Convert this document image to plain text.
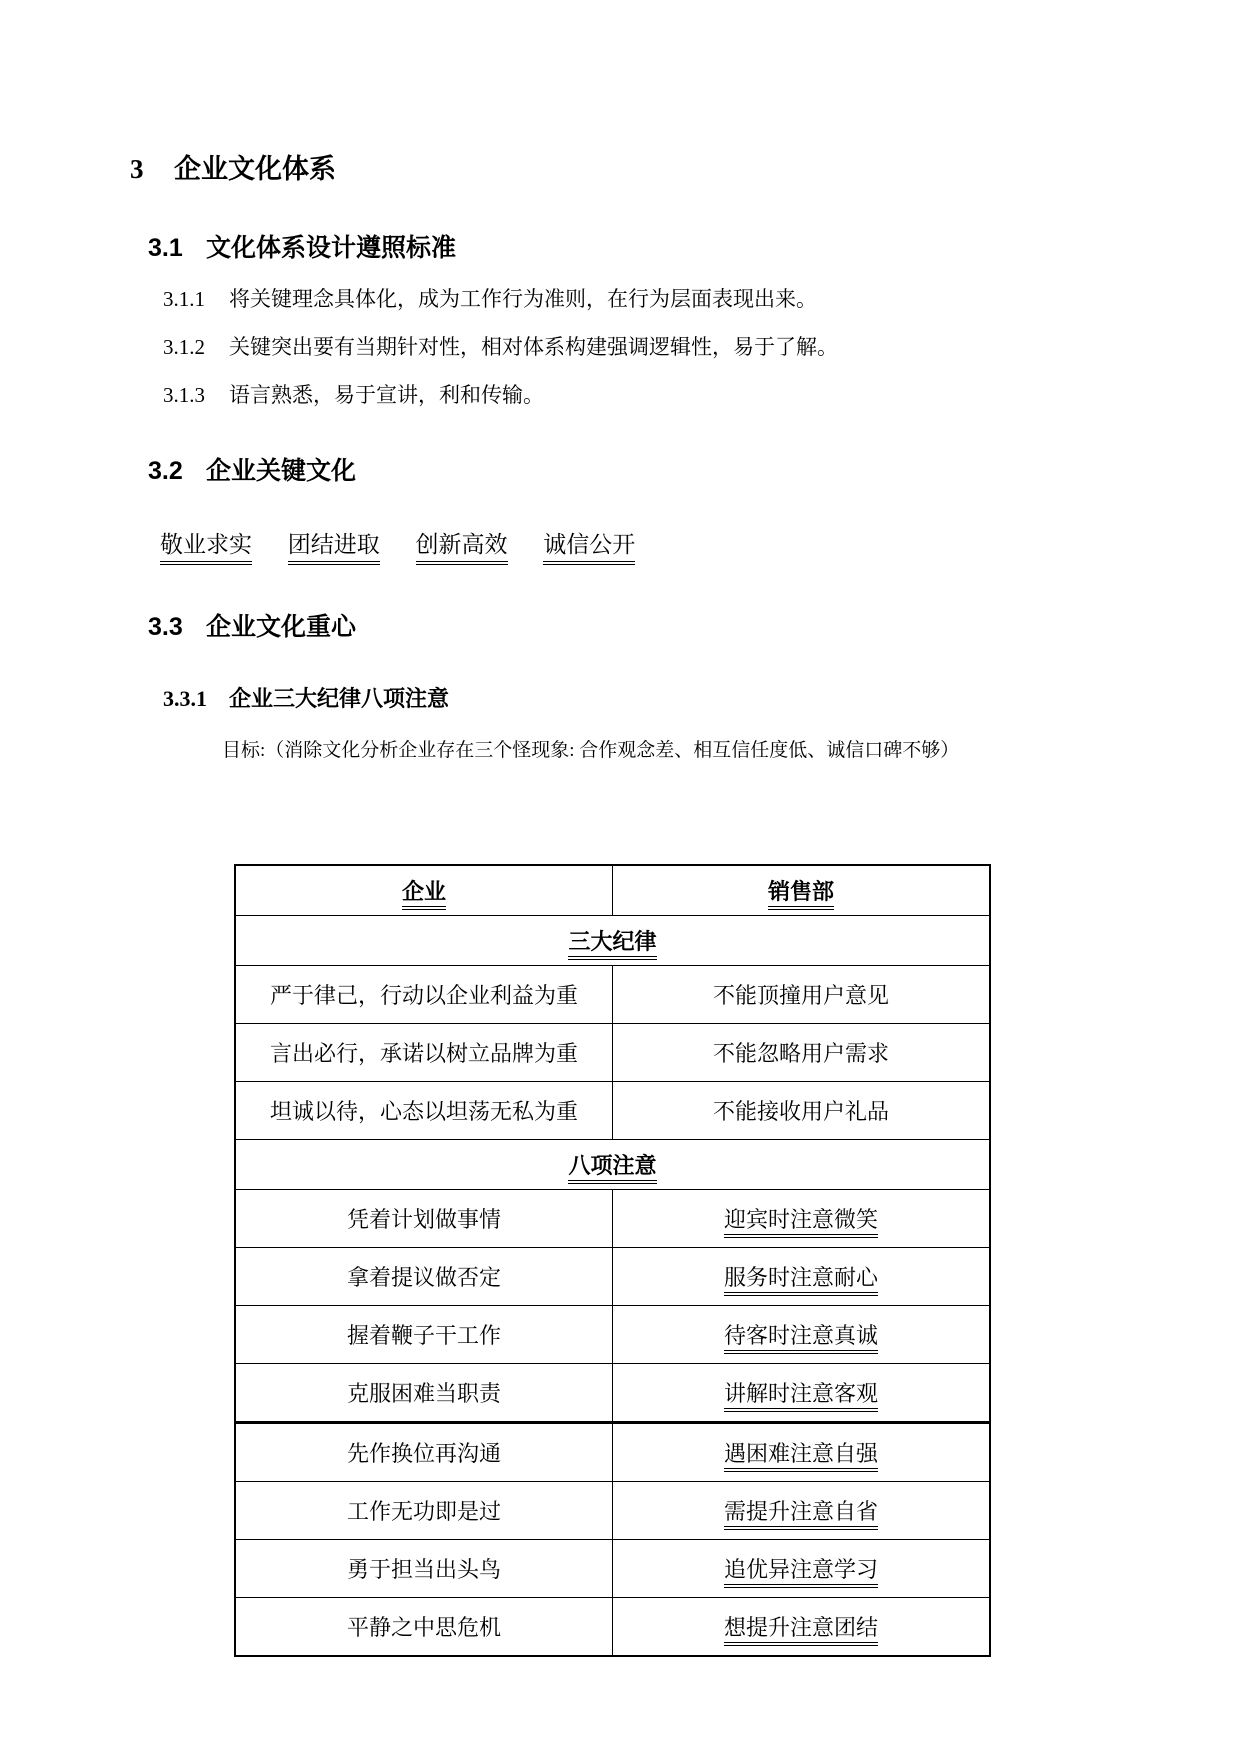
3 企业文化体系
3.1 文化体系设计遵照标准
3.1.1 将关键理念具体化，成为工作行为准则，在行为层面表现出来。
3.1.2 关键突出要有当期针对性，相对体系构建强调逻辑性，易于了解。
3.1.3 语言熟悉，易于宣讲，利和传输。
3.2 企业关键文化
敬业求实 团结进取 创新高效 诚信公开
3.3 企业文化重心
3.3.1 企业三大纪律八项注意
目标:（消除文化分析企业存在三个怪现象: 合作观念差、相互信任度低、诚信口碑不够）
企业	销售部
三大纪律	
严于律己，行动以企业利益为重	不能顶撞用户意见
言出必行，承诺以树立品牌为重	不能忽略用户需求
坦诚以待，心态以坦荡无私为重	不能接收用户礼品
八项注意	
凭着计划做事情	迎宾时注意微笑
拿着提议做否定	服务时注意耐心
握着鞭子干工作	待客时注意真诚
克服困难当职责	讲解时注意客观
先作换位再沟通	遇困难注意自强
工作无功即是过	需提升注意自省
勇于担当出头鸟	追优异注意学习
平静之中思危机	想提升注意团结
